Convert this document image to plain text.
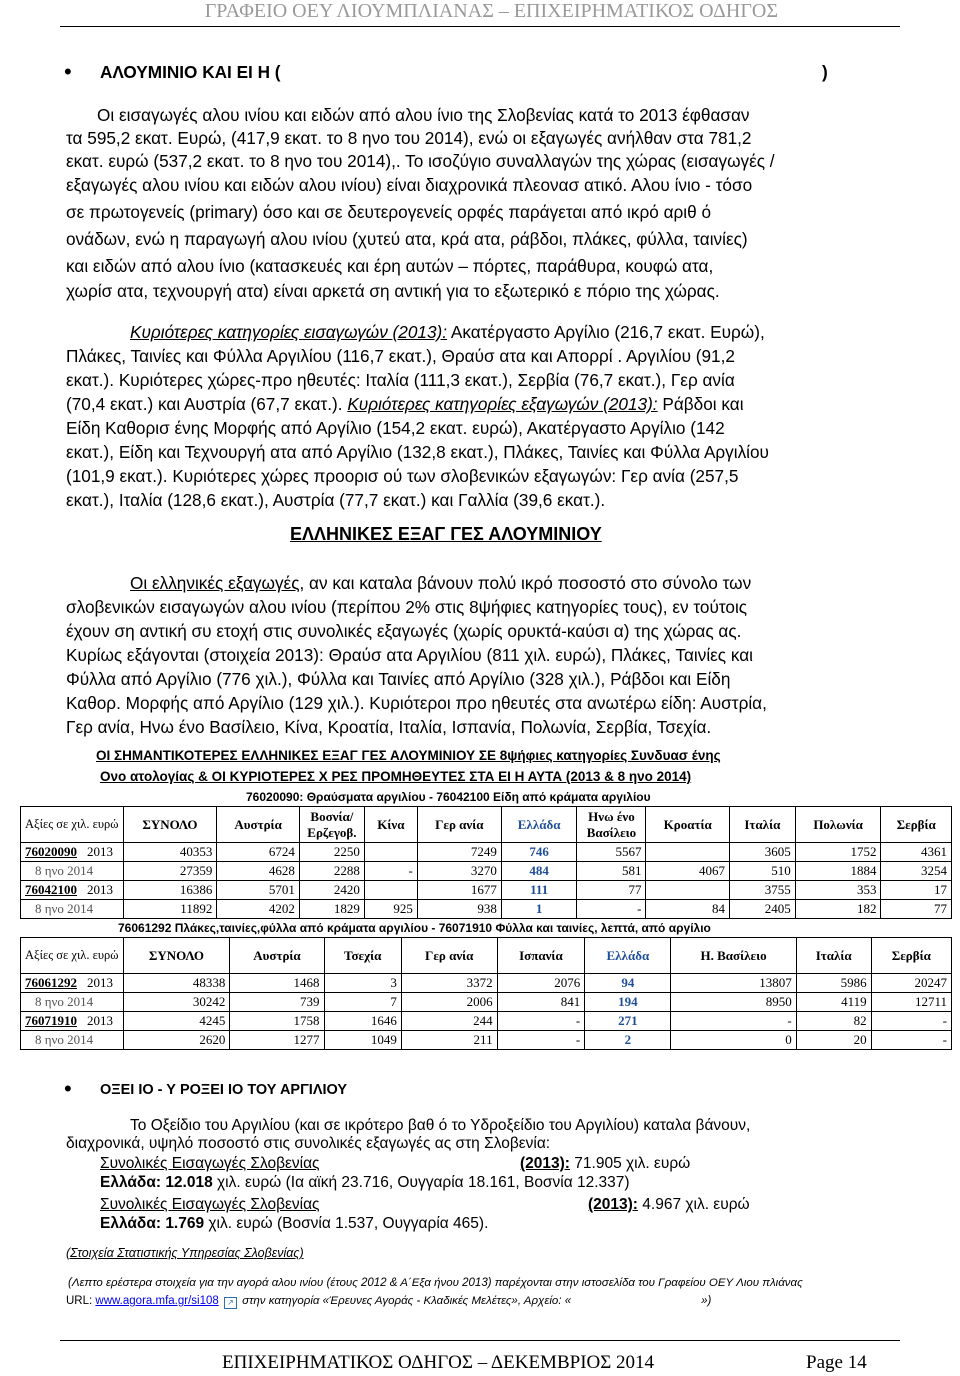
ΓΡΑΦΕΙΟ ΟΕΥ ΛΙΟΥΜΠΛΙΑΝΑΣ – ΕΠΙΧΕΙΡΗΜΑΤΙΚΟΣ ΟΔΗΓΟΣ
• ΑΛΟΥΜΙΝΙΟ ΚΑΙ ΕΙ Η (	)
Οι εισαγωγές αλου ινίου και ειδών από αλου ίνιο της Σλοβενίας κατά το 2013 έφθασαν
τα 595,2 εκατ. Ευρώ, (417,9 εκατ. το 8 ηνο του 2014), ενώ οι εξαγωγές ανήλθαν στα 781,2
εκατ. ευρώ (537,2 εκατ. το 8 ηνο του 2014),. Το ισοζύγιο συναλλαγών της χώρας (εισαγωγές /
εξαγωγές αλου ινίου και ειδών αλου ινίου) είναι διαχρονικά πλεονασ ατικό. Αλου ίνιο - τόσο
σε πρωτογενείς (primary) όσο και σε δευτερογενείς ορφές παράγεται από ικρό αριθ ό
ονάδων, ενώ η παραγωγή αλου ινίου (χυτεύ ατα, κρά ατα, ράβδοι, πλάκες, φύλλα, ταινίες)
και ειδών από αλου ίνιο (κατασκευές και έρη αυτών – πόρτες, παράθυρα, κουφώ ατα,
χωρίσ ατα, τεχνουργή ατα) είναι αρκετά ση αντική για το εξωτερικό ε πόριο της χώρας.
Κυριότερες κατηγορίες εισαγωγών (2013): Ακατέργαστο Αργίλιο (216,7 εκατ. Ευρώ),
Πλάκες, Ταινίες και Φύλλα Αργιλίου (116,7 εκατ.), Θραύσ ατα και Απορρί . Αργιλίου (91,2
εκατ.). Κυριότερες χώρες-προ ηθευτές: Ιταλία (111,3 εκατ.), Σερβία (76,7 εκατ.), Γερ ανία
(70,4 εκατ.) και Αυστρία (67,7 εκατ.). Κυριότερες κατηγορίες εξαγωγών (2013): Ράβδοι και
Είδη Καθορισ ένης Μορφής από Αργίλιο (154,2 εκατ. ευρώ), Ακατέργαστο Αργίλιο (142
εκατ.), Είδη και Τεχνουργή ατα από Αργίλιο (132,8 εκατ.), Πλάκες, Ταινίες και Φύλλα Αργιλίου
(101,9 εκατ.). Κυριότερες χώρες προορισ ού των σλοβενικών εξαγωγών: Γερ ανία (257,5
εκατ.), Ιταλία (128,6 εκατ.), Αυστρία (77,7 εκατ.) και Γαλλία (39,6 εκατ.).
ΕΛΛΗΝΙΚΕΣ ΕΞΑΓ ΓΕΣ ΑΛΟΥΜΙΝΙΟΥ
Οι ελληνικές εξαγωγές, αν και καταλα βάνουν πολύ ικρό ποσοστό στο σύνολο των
σλοβενικών εισαγωγών αλου ινίου (περίπου 2% στις 8ψήφιες κατηγορίες τους), εν τούτοις
έχουν ση αντική συ ετοχή στις συνολικές εξαγωγές (χωρίς ορυκτά-καύσι α) της χώρας ας.
Κυρίως εξάγονται (στοιχεία 2013): Θραύσ ατα Αργιλίου (811 χιλ. ευρώ), Πλάκες, Ταινίες και
Φύλλα από Αργίλιο (776 χιλ.), Φύλλα και Ταινίες από Αργίλιο (328 χιλ.), Ράβδοι και Είδη
Καθορ. Μορφής από Αργίλιο (129 χιλ.). Κυριότεροι προ ηθευτές στα ανωτέρω είδη: Αυστρία,
Γερ ανία, Ηνω ένο Βασίλειο, Κίνα, Κροατία, Ιταλία, Ισπανία, Πολωνία, Σερβία, Τσεχία.
ΟΙ ΣΗΜΑΝΤΙΚΟΤΕΡΕΣ ΕΛΛΗΝΙΚΕΣ ΕΞΑΓ ΓΕΣ ΑΛΟΥΜΙΝΙΟΥ ΣΕ 8ψήφιες κατηγορίες Συνδυασ ένης
Ονο ατολογίας & ΟΙ ΚΥΡΙΟΤΕΡΕΣ Χ ΡΕΣ ΠΡΟΜΗΘΕΥΤΕΣ ΣΤΑ ΕΙ Η ΑΥΤΑ (2013 & 8 ηνο 2014)
76020090: Θραύσματα αργιλίου - 76042100 Είδη από κράματα αργιλίου
Αξίες σε χιλ. ευρώ	ΣΥΝΟΛΟ	Αυστρία	Βοσνία/ Ερζεγοβ.	Κίνα	Γερ ανία	Ελλάδα	Ηνω ένο Βασίλειο	Κροατία	Ιταλία	Πολωνία	Σερβία
76020090 2013	40353	6724	2250		7249	746	5567		3605	1752	4361
8 ηνο 2014	27359	4628	2288	-	3270	484	581	4067	510	1884	3254
76042100 2013	16386	5701	2420		1677	111	77		3755	353	17
8 ηνο 2014	11892	4202	1829	925	938	1	-	84	2405	182	77
76061292 Πλάκες,ταινίες,φύλλα από κράματα αργιλίου - 76071910 Φύλλα και ταινίες, λεπτά, από αργίλιο
Αξίες σε χιλ. ευρώ	ΣΥΝΟΛΟ	Αυστρία	Τσεχία	Γερ ανία	Ισπανία	Ελλάδα	Η. Βασίλειο	Ιταλία	Σερβία
76061292 2013	48338	1468	3	3372	2076	94	13807	5986	20247
8 ηνο 2014	30242	739	7	2006	841	194	8950	4119	12711
76071910 2013	4245	1758	1646	244	-	271	-	82	-
8 ηνο 2014	2620	1277	1049	211	-	2	0	20	-
• ΟΞΕΙ ΙΟ - Υ ΡΟΞΕΙ ΙΟ ΤΟΥ ΑΡΓΙΛΙΟΥ
Το Οξείδιο του Αργιλίου (και σε ικρότερο βαθ ό το Υδροξείδιο του Αργιλίου) καταλα βάνουν,
διαχρονικά, υψηλό ποσοστό στις συνολικές εξαγωγές ας στη Σλοβενία:
Συνολικές Εισαγωγές Σλοβενίας	(2013): 71.905 χιλ. ευρώ
Ελλάδα: 12.018 χιλ. ευρώ (Ια αϊκή 23.716, Ουγγαρία 18.161, Βοσνία 12.337)
Συνολικές Εισαγωγές Σλοβενίας	(2013): 4.967 χιλ. ευρώ
Ελλάδα: 1.769 χιλ. ευρώ (Βοσνία 1.537, Ουγγαρία 465).
(Στοιχεία Στατιστικής Υπηρεσίας Σλοβενίας)
(Λεπτο ερέστερα στοιχεία για την αγορά αλου ινίου (έτους 2012 & Α΄Εξα ήνου 2013) παρέχονται στην ιστοσελίδα του Γραφείου ΟΕΥ Λιου πλιάνας
URL: www.agora.mfa.gr/si108 ↗ στην κατηγορία «Έρευνες Αγοράς - Κλαδικές Μελέτες», Αρχείο: «	»)
ΕΠΙΧΕΙΡΗΜΑΤΙΚΟΣ ΟΔΗΓΟΣ – ΔΕΚΕΜΒΡΙΟΣ 2014	Page 14
